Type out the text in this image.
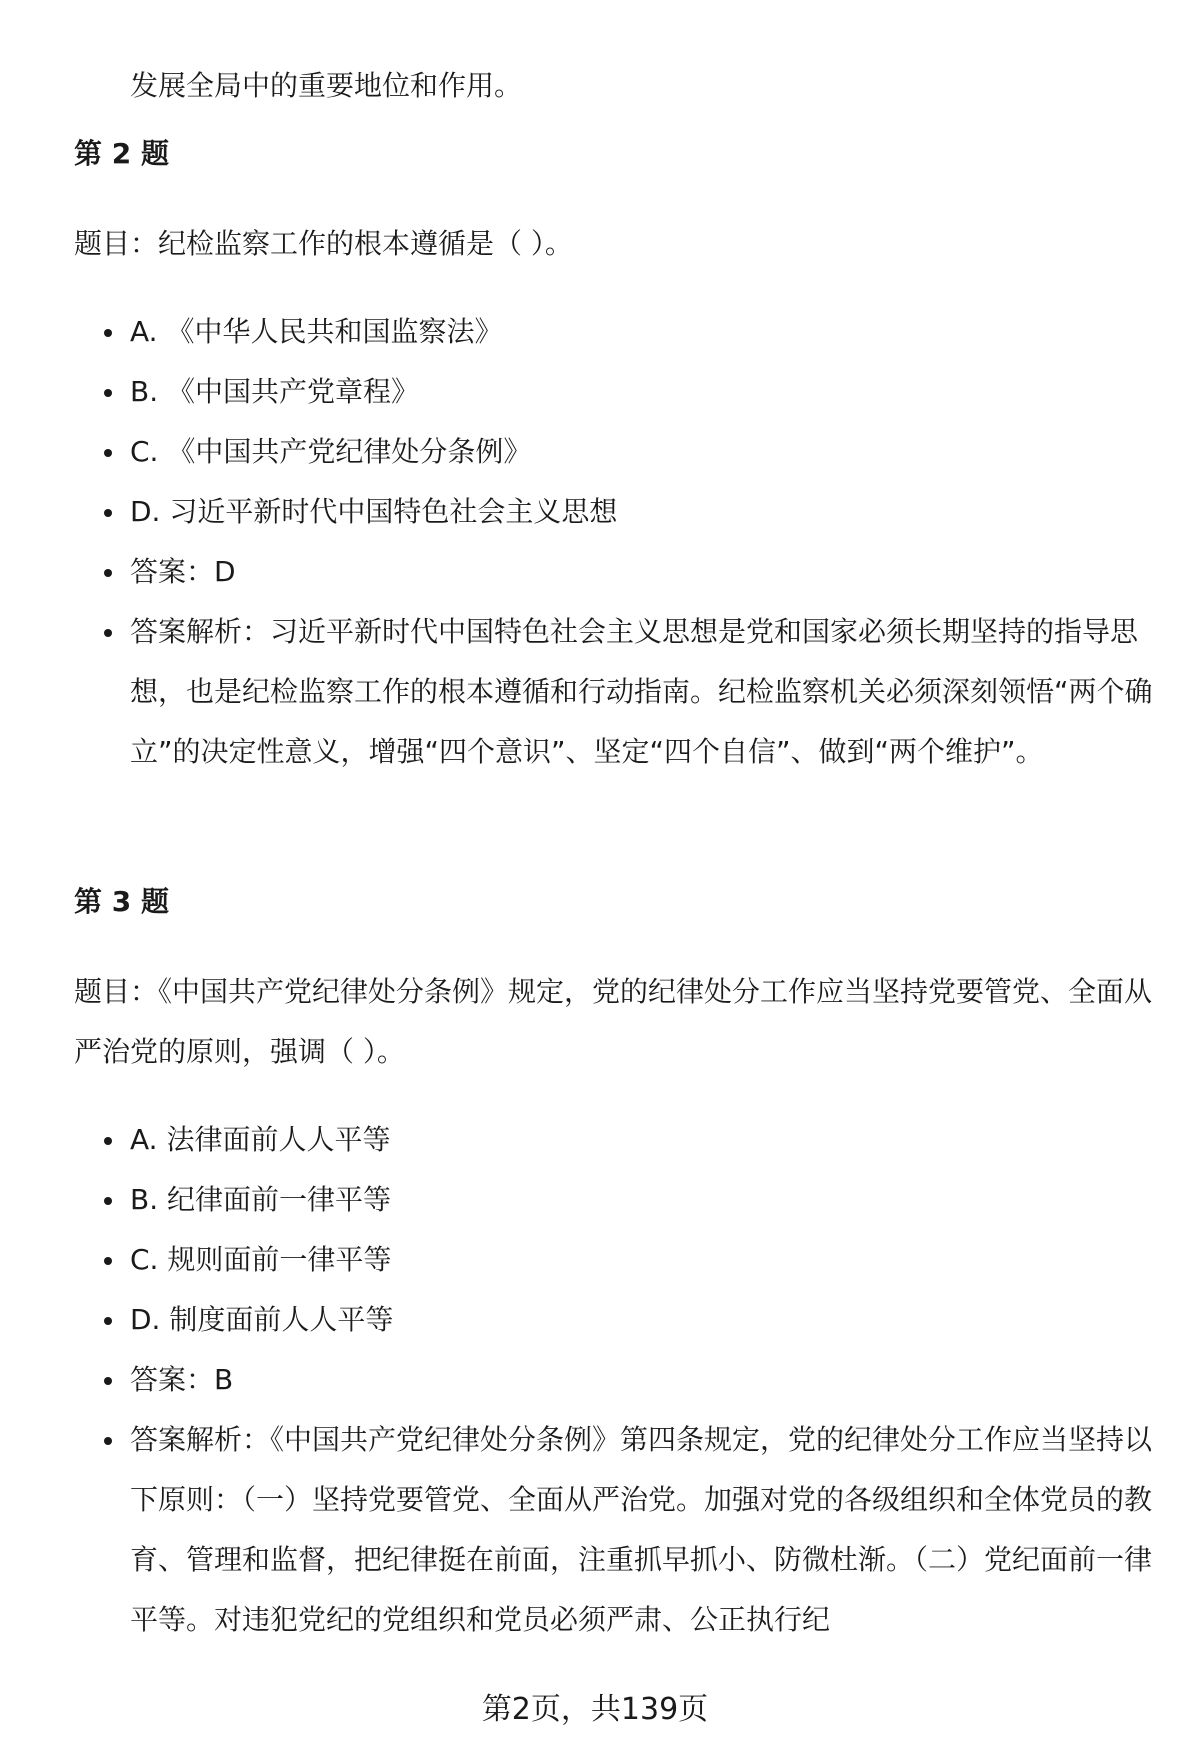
发展全局中的重要地位和作用。

第 2 题

题目：纪检监察工作的根本遵循是（ ）。

A. 《中华人民共和国监察法》
B. 《中国共产党章程》
C. 《中国共产党纪律处分条例》
D. 习近平新时代中国特色社会主义思想
答案：D
答案解析：习近平新时代中国特色社会主义思想是党和国家必须长期坚持的指导思想，也是纪检监察工作的根本遵循和行动指南。纪检监察机关必须深刻领悟“两个确立”的决定性意义，增强“四个意识”、坚定“四个自信”、做到“两个维护”。
第 3 题

题目：《中国共产党纪律处分条例》规定，党的纪律处分工作应当坚持党要管党、全面从严治党的原则，强调（ ）。

A. 法律面前人人平等
B. 纪律面前一律平等
C. 规则面前一律平等
D. 制度面前人人平等
答案：B
答案解析：《中国共产党纪律处分条例》第四条规定，党的纪律处分工作应当坚持以下原则：（一）坚持党要管党、全面从严治党。加强对党的各级组织和全体党员的教育、管理和监督，把纪律挺在前面，注重抓早抓小、防微杜渐。（二）党纪面前一律平等。对违犯党纪的党组织和党员必须严肃、公正执行纪
第2页，共139页
